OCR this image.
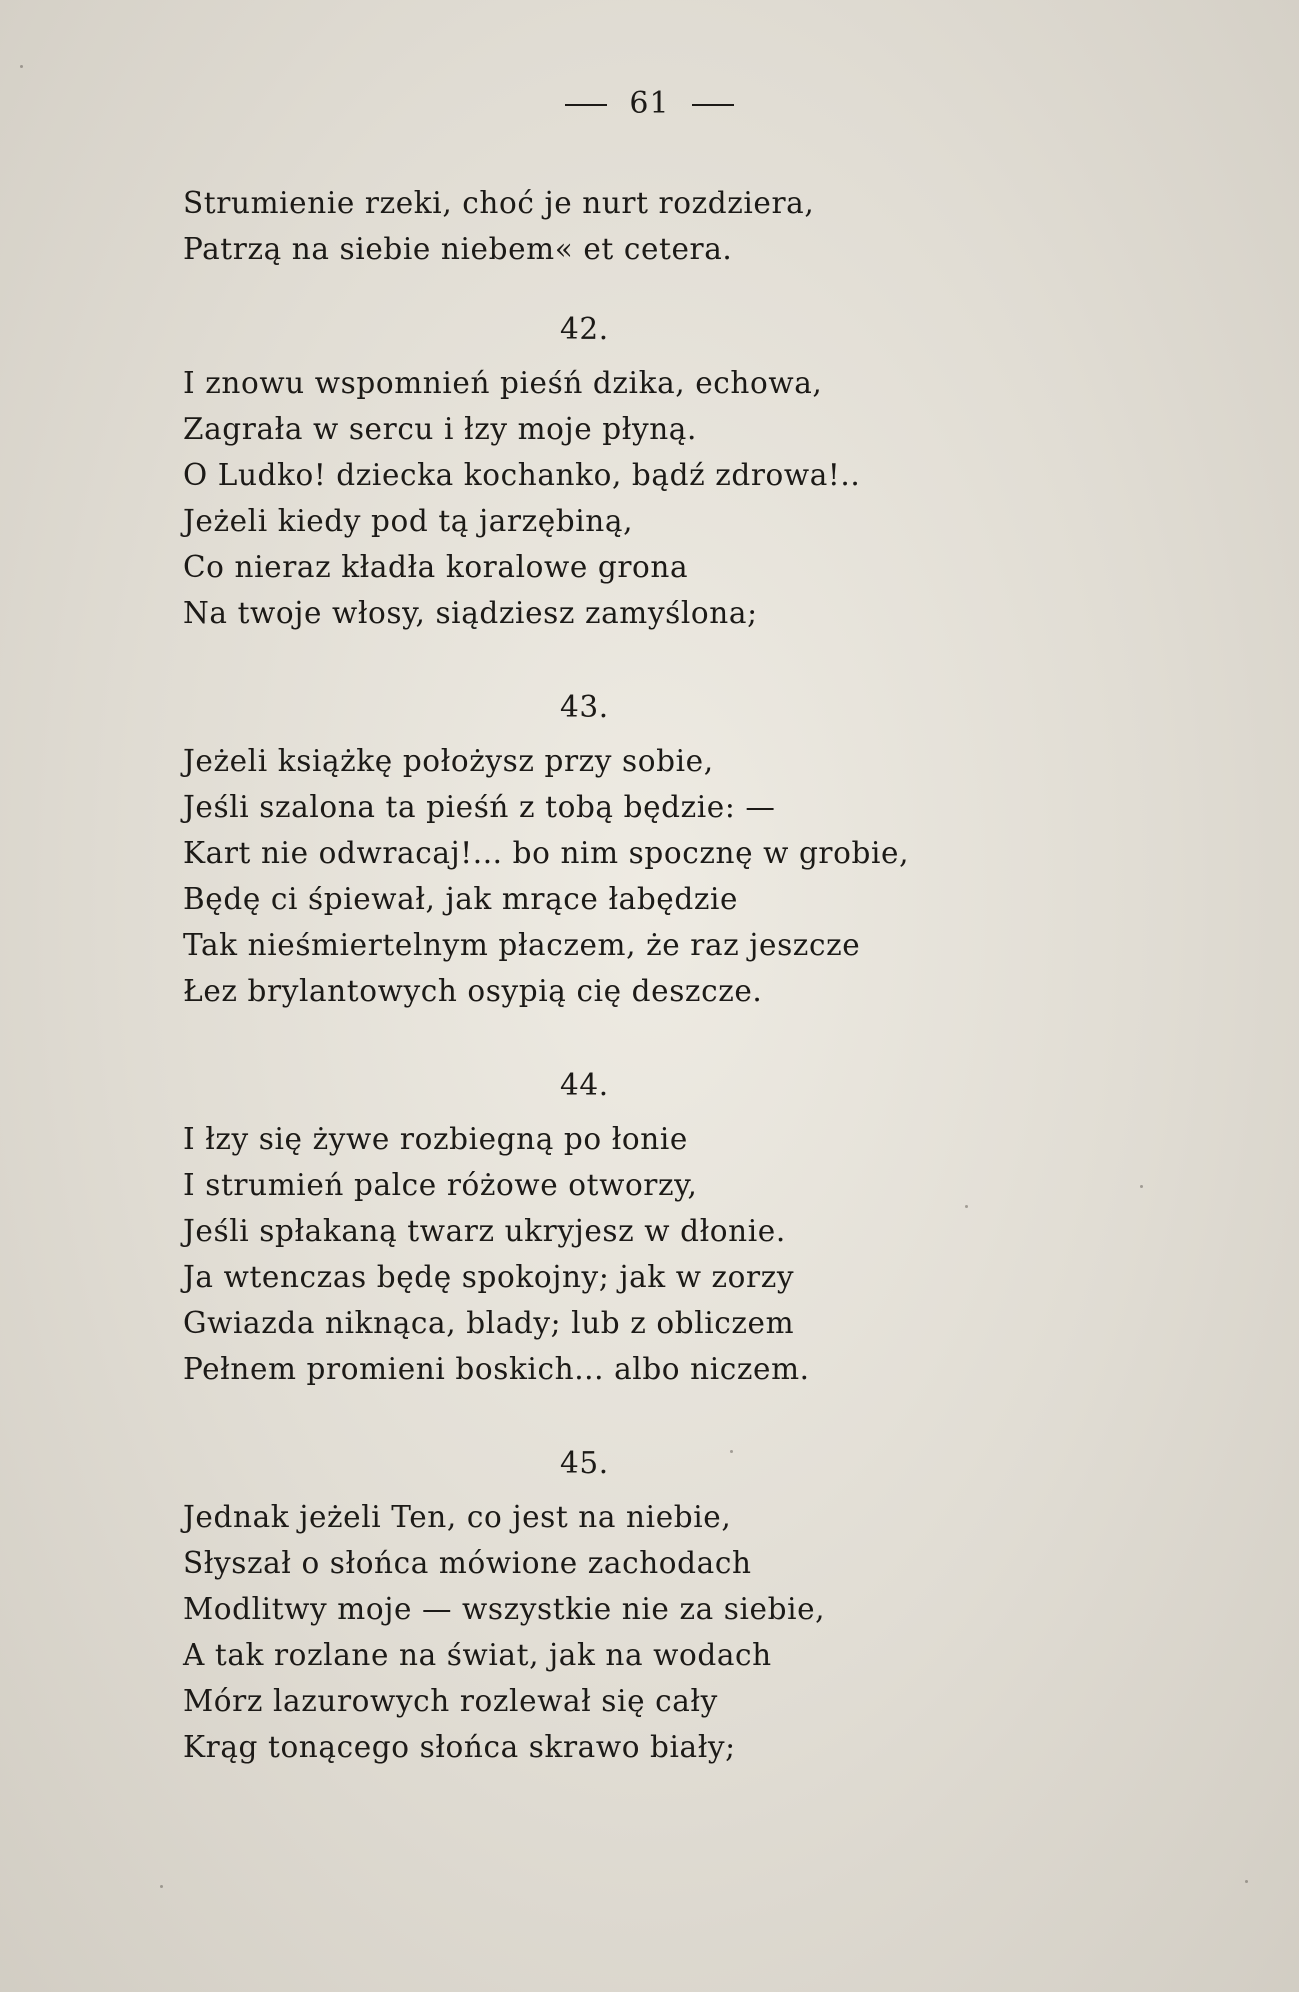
61
Strumienie rzeki, choć je nurt rozdziera,
Patrzą na siebie niebem« et cetera.
42.
I znowu wspomnień pieśń dzika, echowa,
Zagrała w sercu i łzy moje płyną.
O Ludko! dziecka kochanko, bądź zdrowa!..
Jeżeli kiedy pod tą jarzębiną,
Co nieraz kładła koralowe grona
Na twoje włosy, siądziesz zamyślona;
43.
Jeżeli książkę położysz przy sobie,
Jeśli szalona ta pieśń z tobą będzie: —
Kart nie odwracaj!... bo nim spocznę w grobie,
Będę ci śpiewał, jak mrące łabędzie
Tak nieśmiertelnym płaczem, że raz jeszcze
Łez brylantowych osypią cię deszcze.
44.
I łzy się żywe rozbiegną po łonie
I strumień palce różowe otworzy,
Jeśli spłakaną twarz ukryjesz w dłonie.
Ja wtenczas będę spokojny; jak w zorzy
Gwiazda niknąca, blady; lub z obliczem
Pełnem promieni boskich... albo niczem.
45.
Jednak jeżeli Ten, co jest na niebie,
Słyszał o słońca mówione zachodach
Modlitwy moje — wszystkie nie za siebie,
A tak rozlane na świat, jak na wodach
Mórz lazurowych rozlewał się cały
Krąg tonącego słońca skrawo biały;
